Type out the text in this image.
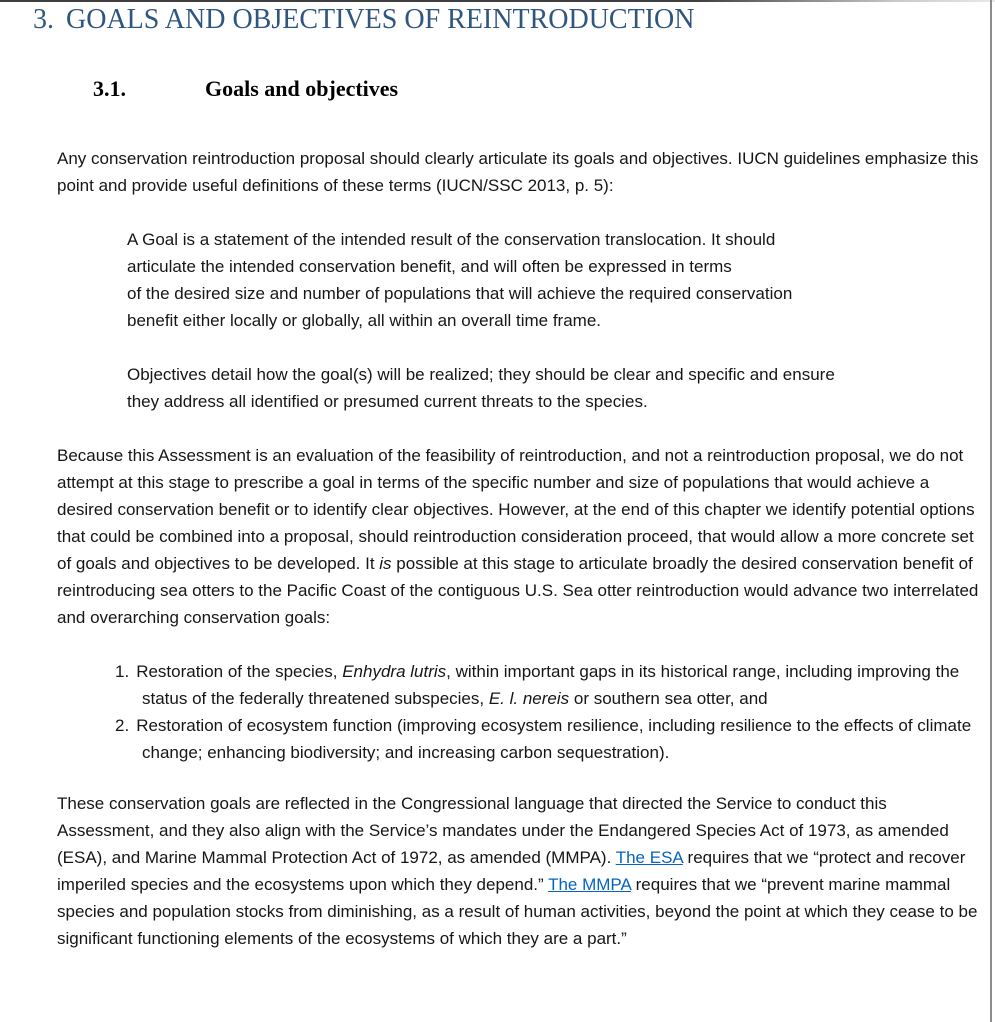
3. GOALS AND OBJECTIVES OF REINTRODUCTION
3.1.	Goals and objectives

Any conservation reintroduction proposal should clearly articulate its goals and objectives. IUCN guidelines emphasize this point and provide useful definitions of these terms (IUCN/SSC 2013, p. 5):

A Goal is a statement of the intended result of the conservation translocation. It should
articulate the intended conservation benefit, and will often be expressed in terms
of the desired size and number of populations that will achieve the required conservation
benefit either locally or globally, all within an overall time frame.
Objectives detail how the goal(s) will be realized; they should be clear and specific and ensure
they address all identified or presumed current threats to the species.

Because this Assessment is an evaluation of the feasibility of reintroduction, and not a reintroduction proposal, we do not attempt at this stage to prescribe a goal in terms of the specific number and size of populations that would achieve a desired conservation benefit or to identify clear objectives. However, at the end of this chapter we identify potential options that could be combined into a proposal, should reintroduction consideration proceed, that would allow a more concrete set of goals and objectives to be developed. It is possible at this stage to articulate broadly the desired conservation benefit of reintroducing sea otters to the Pacific Coast of the contiguous U.S. Sea otter reintroduction would advance two interrelated and overarching conservation goals:

1. Restoration of the species, Enhydra lutris, within important gaps in its historical range, including improving the status of the federally threatened subspecies, E. l. nereis or southern sea otter, and
2. Restoration of ecosystem function (improving ecosystem resilience, including resilience to the effects of climate change; enhancing biodiversity; and increasing carbon sequestration).

These conservation goals are reflected in the Congressional language that directed the Service to conduct this Assessment, and they also align with the Service’s mandates under the Endangered Species Act of 1973, as amended (ESA), and Marine Mammal Protection Act of 1972, as amended (MMPA). The ESA requires that we “protect and recover imperiled species and the ecosystems upon which they depend.” The MMPA requires that we “prevent marine mammal species and population stocks from diminishing, as a result of human activities, beyond the point at which they cease to be significant functioning elements of the ecosystems of which they are a part.”
